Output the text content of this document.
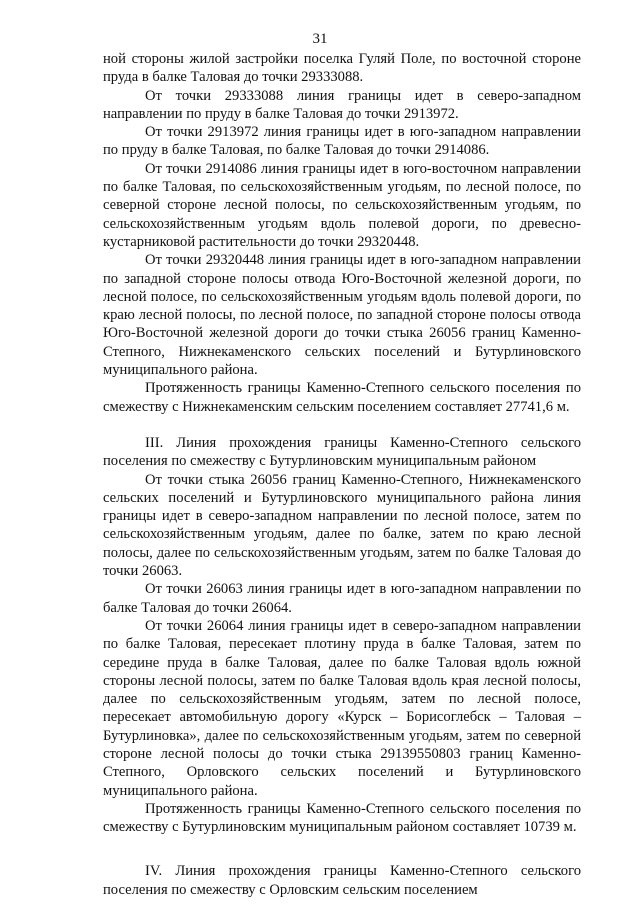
31

ной стороны жилой застройки поселка Гуляй Поле, по восточной стороне пруда в балке Таловая до точки 29333088.

От точки 29333088 линия границы идет в северо-западном направлении по пруду в балке Таловая до точки 2913972.

От точки 2913972 линия границы идет в юго-западном направлении по пруду в балке Таловая, по балке Таловая до точки 2914086.

От точки 2914086 линия границы идет в юго-восточном направлении по балке Таловая, по сельскохозяйственным угодьям, по лесной полосе, по северной стороне лесной полосы, по сельскохозяйственным угодьям, по сельскохозяйственным угодьям вдоль полевой дороги, по древесно-кустарниковой растительности до точки 29320448.

От точки 29320448 линия границы идет в юго-западном направлении по западной стороне полосы отвода Юго-Восточной железной дороги, по лесной полосе, по сельскохозяйственным угодьям вдоль полевой дороги, по краю лесной полосы, по лесной полосе, по западной стороне полосы отвода Юго-Восточной железной дороги до точки стыка 26056 границ Каменно-Степного, Нижнекаменского сельских поселений и Бутурлиновского муниципального района.

Протяженность границы Каменно-Степного сельского поселения по смежеству с Нижнекаменским сельским поселением составляет 27741,6 м.

III. Линия прохождения границы Каменно-Степного сельского поселения по смежеству с Бутурлиновским муниципальным районом

От точки стыка 26056 границ Каменно-Степного, Нижнекаменского сельских поселений и Бутурлиновского муниципального района линия границы идет в северо-западном направлении по лесной полосе, затем по сельскохозяйственным угодьям, далее по балке, затем по краю лесной полосы, далее по сельскохозяйственным угодьям, затем по балке Таловая до точки 26063.

От точки 26063 линия границы идет в юго-западном направлении по балке Таловая до точки 26064.

От точки 26064 линия границы идет в северо-западном направлении по балке Таловая, пересекает плотину пруда в балке Таловая, затем по середине пруда в балке Таловая, далее по балке Таловая вдоль южной стороны лесной полосы, затем по балке Таловая вдоль края лесной полосы, далее по сельскохозяйственным угодьям, затем по лесной полосе, пересекает автомобильную дорогу «Курск – Борисоглебск – Таловая – Бутурлиновка», далее по сельскохозяйственным угодьям, затем по северной стороне лесной полосы до точки стыка 29139550803 границ Каменно-Степного, Орловского сельских поселений и Бутурлиновского муниципального района.

Протяженность границы Каменно-Степного сельского поселения по смежеству с Бутурлиновским муниципальным районом составляет 10739 м.

IV. Линия прохождения границы Каменно-Степного сельского поселения по смежеству с Орловским сельским поселением
